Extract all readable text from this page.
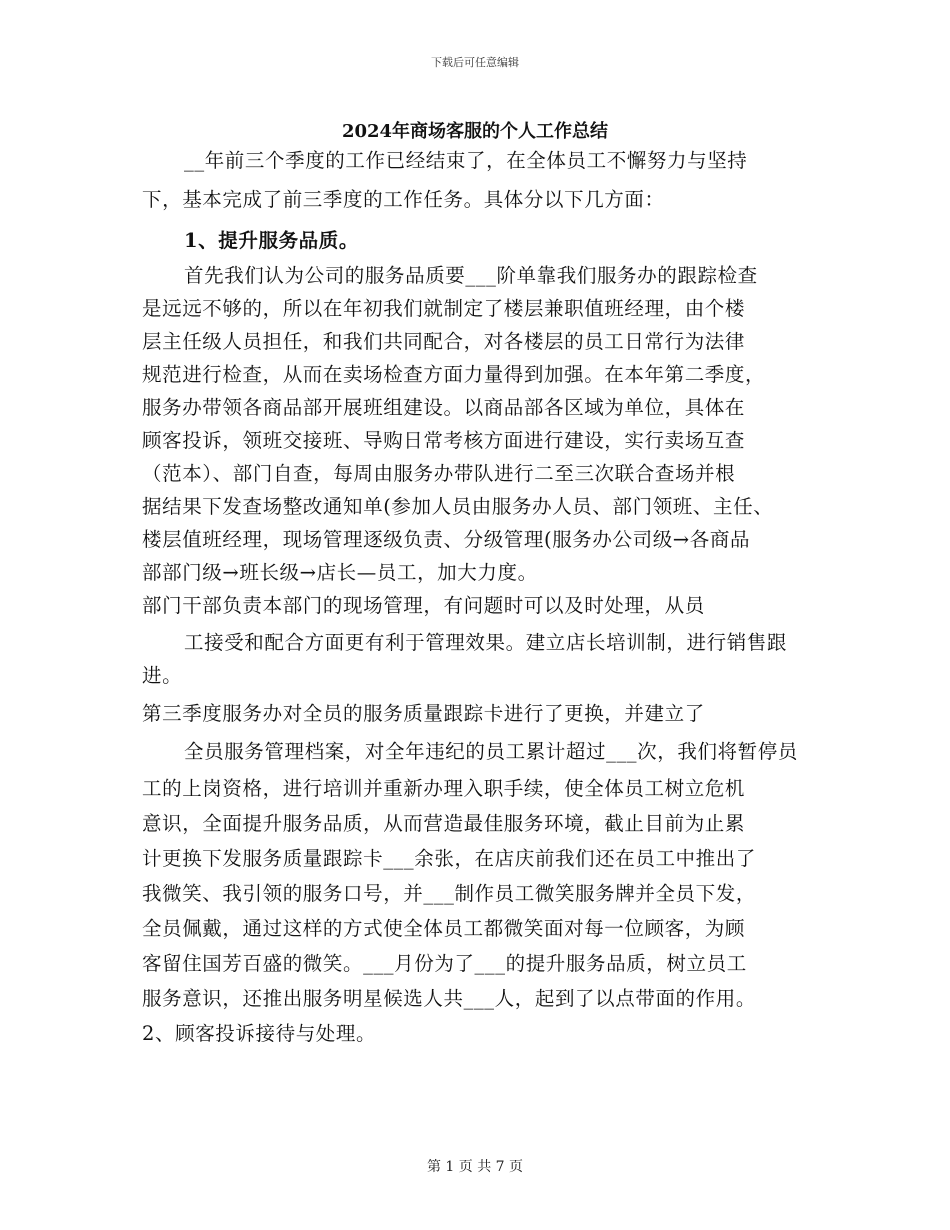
下载后可任意编辑
2024年商场客服的个人工作总结
__年前三个季度的工作已经结束了，在全体员工不懈努力与坚持
下，基本完成了前三季度的工作任务。具体分以下几方面：
1、提升服务品质。
首先我们认为公司的服务品质要___阶单靠我们服务办的跟踪检查
是远远不够的，所以在年初我们就制定了楼层兼职值班经理，由个楼
层主任级人员担任，和我们共同配合，对各楼层的员工日常行为法律
规范进行检查，从而在卖场检查方面力量得到加强。在本年第二季度，
服务办带领各商品部开展班组建设。以商品部各区域为单位，具体在
顾客投诉，领班交接班、导购日常考核方面进行建设，实行卖场互查
（范本）、部门自查，每周由服务办带队进行二至三次联合查场并根
据结果下发查场整改通知单(参加人员由服务办人员、部门领班、主任、
楼层值班经理，现场管理逐级负责、分级管理(服务办公司级→各商品
部部门级→班长级→店长—员工，加大力度。
部门干部负责本部门的现场管理，有问题时可以及时处理，从员
工接受和配合方面更有利于管理效果。建立店长培训制，进行销售跟
进。
第三季度服务办对全员的服务质量跟踪卡进行了更换，并建立了
全员服务管理档案，对全年违纪的员工累计超过___次，我们将暂停员
工的上岗资格，进行培训并重新办理入职手续，使全体员工树立危机
意识，全面提升服务品质，从而营造最佳服务环境，截止目前为止累
计更换下发服务质量跟踪卡___余张，在店庆前我们还在员工中推出了
我微笑、我引领的服务口号，并___制作员工微笑服务牌并全员下发，
全员佩戴，通过这样的方式使全体员工都微笑面对每一位顾客，为顾
客留住国芳百盛的微笑。___月份为了___的提升服务品质，树立员工
服务意识，还推出服务明星候选人共___人，起到了以点带面的作用。
2、顾客投诉接待与处理。
第 1 页 共 7 页
